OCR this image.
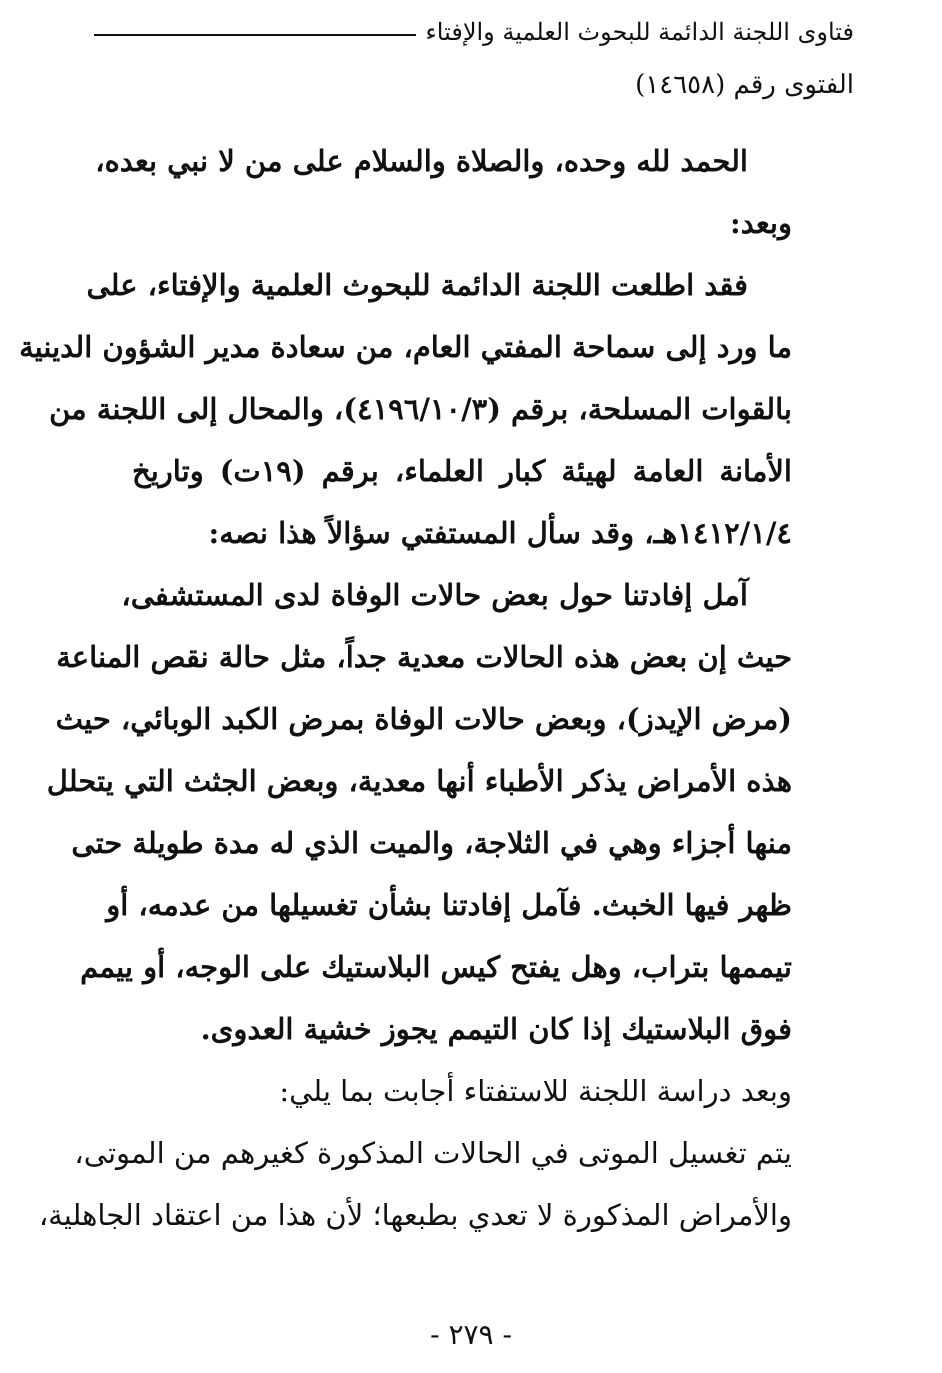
فتاوى اللجنة الدائمة للبحوث العلمية والإفتاء
الفتوى رقم (١٤٦٥٨)
الحمد لله وحده، والصلاة والسلام على من لا نبي بعده،
وبعد:
فقد اطلعت اللجنة الدائمة للبحوث العلمية والإفتاء، على
ما ورد إلى سماحة المفتي العام، من سعادة مدير الشؤون الدينية
بالقوات المسلحة، برقم (٤١٩٦/١٠/٣)، والمحال إلى اللجنة من
الأمانة العامة لهيئة كبار العلماء، برقم (١٩ت) وتاريخ
١٤١٢/١/٤هـ، وقد سأل المستفتي سؤالاً هذا نصه:
آمل إفادتنا حول بعض حالات الوفاة لدى المستشفى،
حيث إن بعض هذه الحالات معدية جداً، مثل حالة نقص المناعة
(مرض الإيدز)، وبعض حالات الوفاة بمرض الكبد الوبائي، حيث
هذه الأمراض يذكر الأطباء أنها معدية، وبعض الجثث التي يتحلل
منها أجزاء وهي في الثلاجة، والميت الذي له مدة طويلة حتى
ظهر فيها الخبث. فآمل إفادتنا بشأن تغسيلها من عدمه، أو
تيممها بتراب، وهل يفتح كيس البلاستيك على الوجه، أو ييمم
فوق البلاستيك إذا كان التيمم يجوز خشية العدوى.
وبعد دراسة اللجنة للاستفتاء أجابت بما يلي:
يتم تغسيل الموتى في الحالات المذكورة كغيرهم من الموتى،
والأمراض المذكورة لا تعدي بطبعها؛ لأن هذا من اعتقاد الجاهلية،
- ٢٧٩ -
